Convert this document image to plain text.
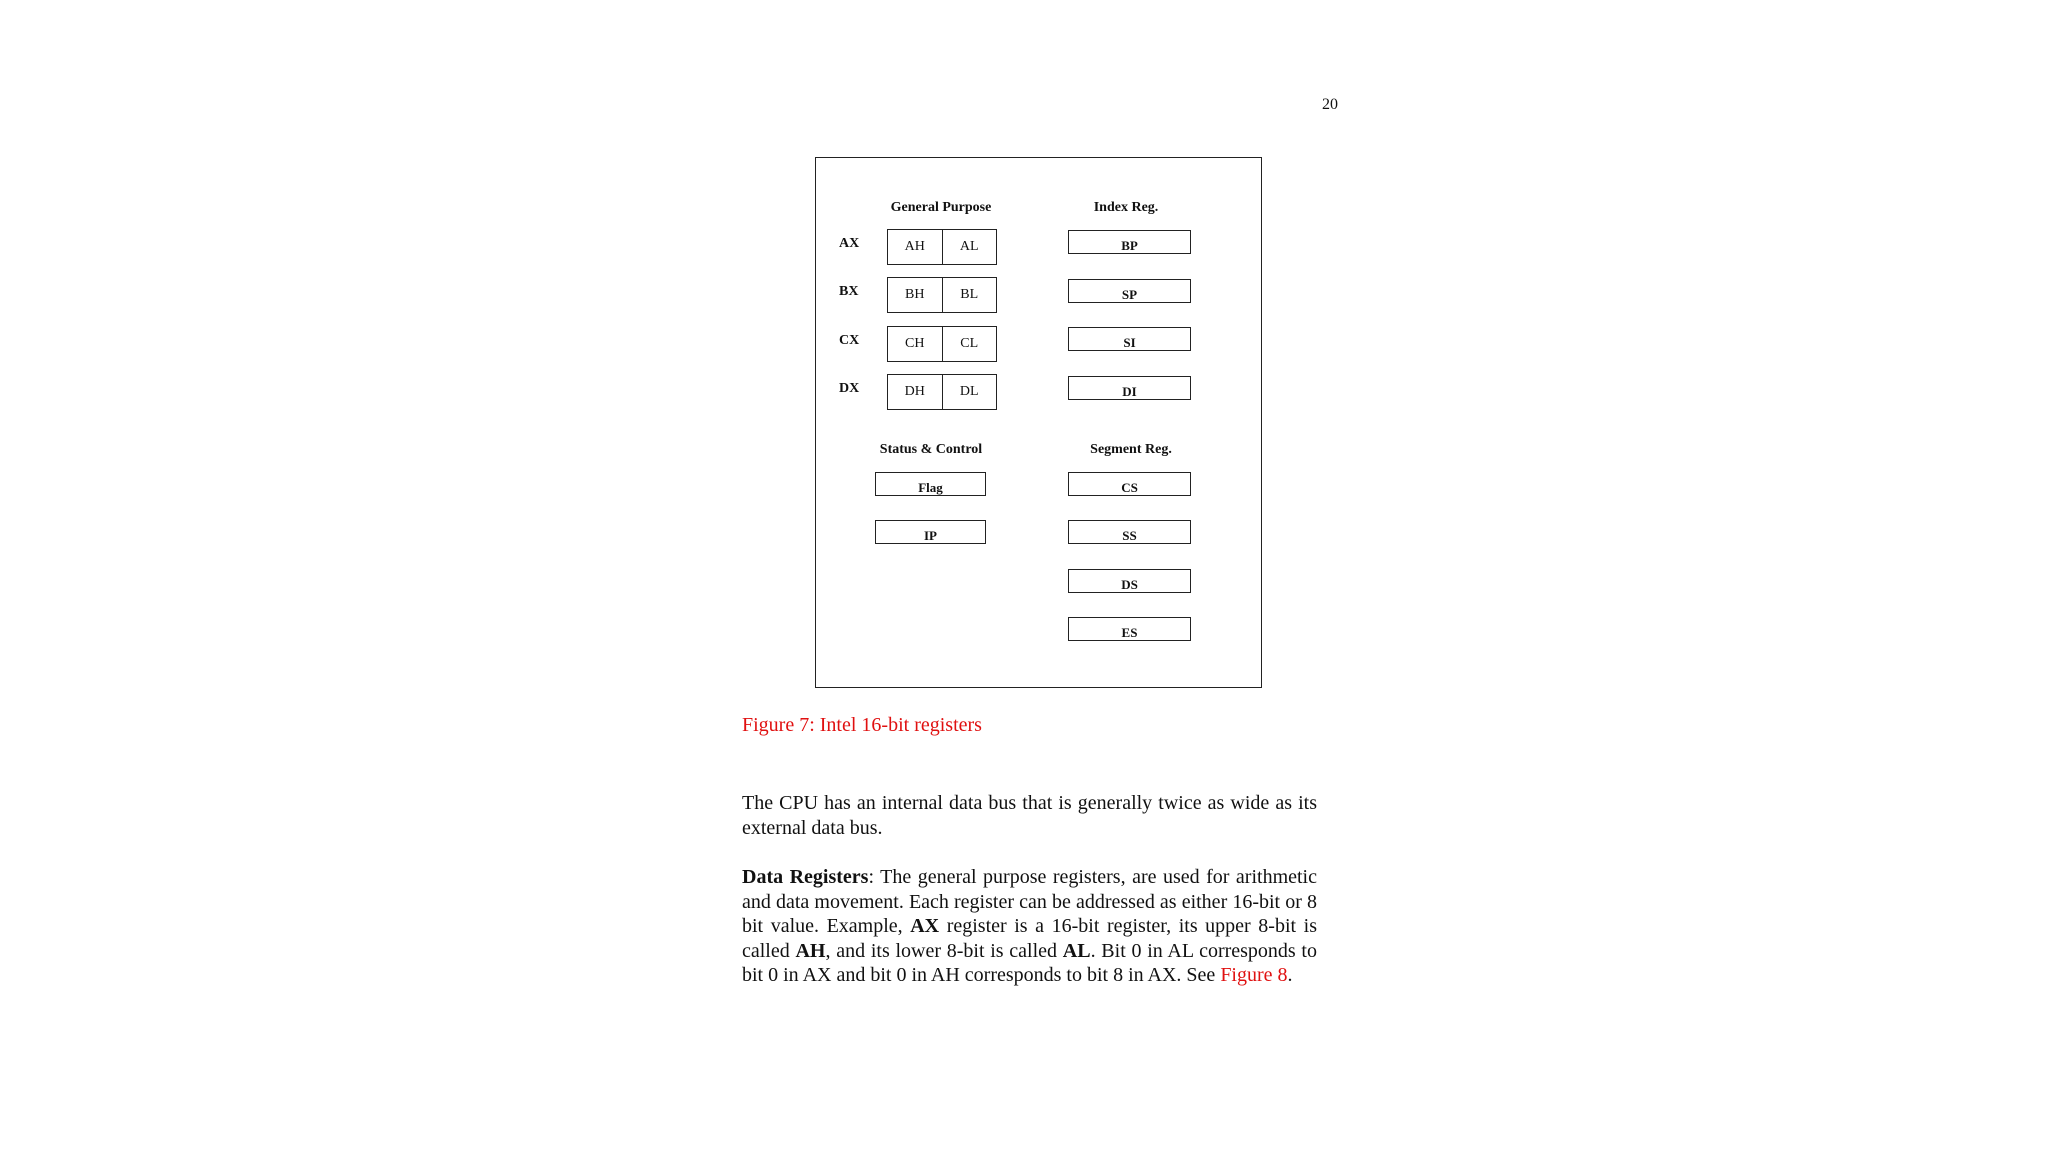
20
General Purpose	Index Reg.
AX	AH	AL
BX	BH	BL
CX	CH	CL
DX	DH	DL
BP
SP
SI
DI
Status & Control
Flag
IP
Segment Reg.
CS
SS
DS
ES
Figure 7: Intel 16-bit registers
The CPU has an internal data bus that is generally twice as wide as its external data bus.
Data Registers: The general purpose registers, are used for arithmetic and data movement. Each register can be addressed as either 16-bit or 8 bit value. Example, AX register is a 16-bit register, its upper 8-bit is called AH, and its lower 8-bit is called AL. Bit 0 in AL corresponds to bit 0 in AX and bit 0 in AH corresponds to bit 8 in AX. See Figure 8.
